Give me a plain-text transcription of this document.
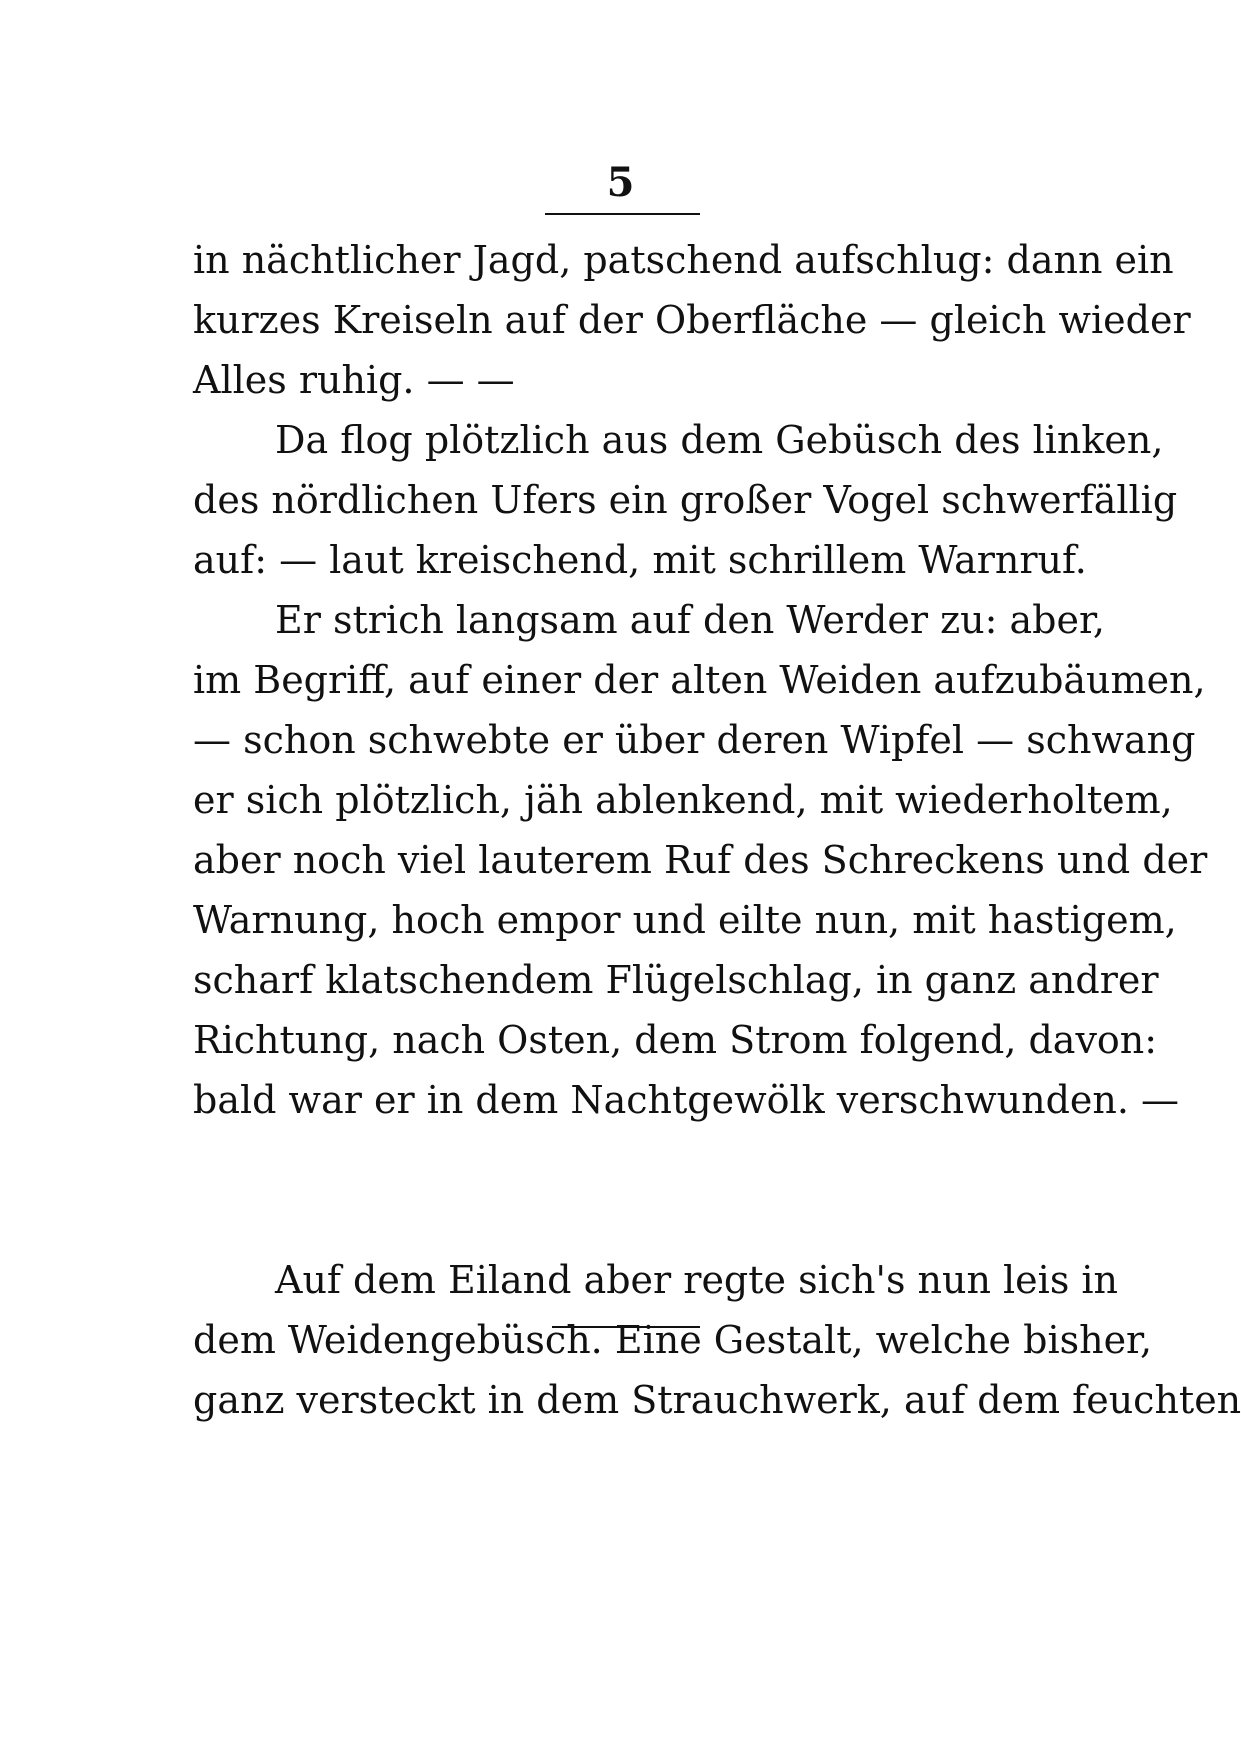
5
in nächtlicher Jagd, patschend aufschlug: dann ein
kurzes Kreiseln auf der Oberfläche — gleich wieder
Alles ruhig. — —
Da flog plötzlich aus dem Gebüsch des linken,
des nördlichen Ufers ein großer Vogel schwerfällig
auf: — laut kreischend, mit schrillem Warnruf.
Er strich langsam auf den Werder zu: aber,
im Begriff, auf einer der alten Weiden aufzubäumen,
— schon schwebte er über deren Wipfel — schwang
er sich plötzlich, jäh ablenkend, mit wiederholtem,
aber noch viel lauterem Ruf des Schreckens und der
Warnung, hoch empor und eilte nun, mit hastigem,
scharf klatschendem Flügelschlag, in ganz andrer
Richtung, nach Osten, dem Strom folgend, davon:
bald war er in dem Nachtgewölk verschwunden. —
Auf dem Eiland aber regte sich's nun leis in
dem Weidengebüsch. Eine Gestalt, welche bisher,
ganz versteckt in dem Strauchwerk, auf dem feuchten
